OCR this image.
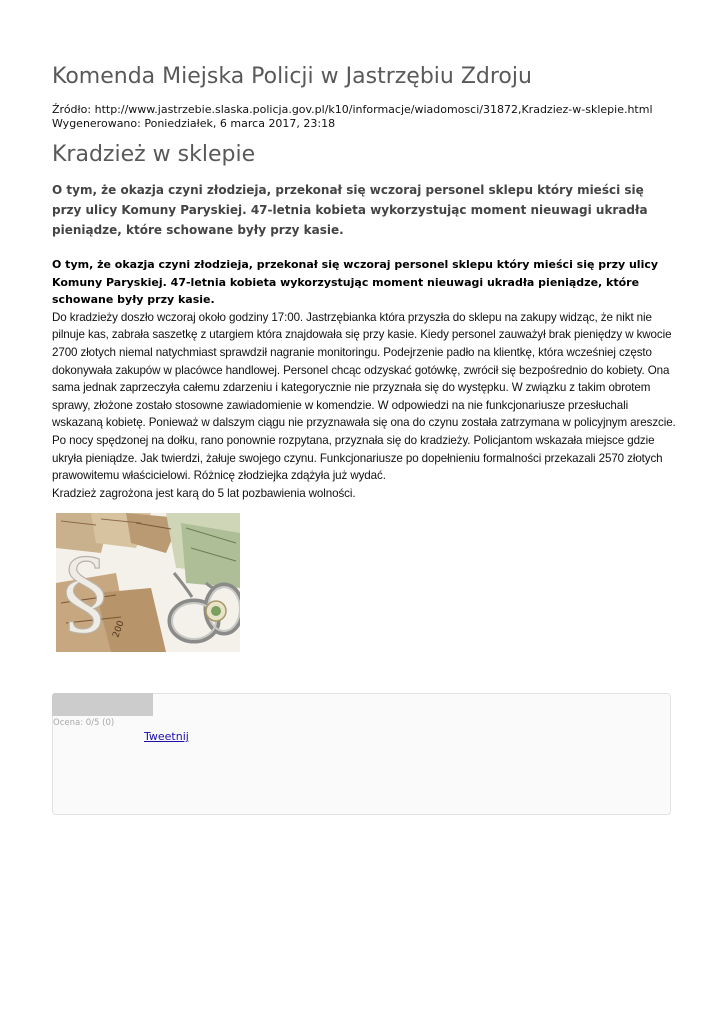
Komenda Miejska Policji w Jastrzębiu Zdroju
Źródło: http://www.jastrzebie.slaska.policja.gov.pl/k10/informacje/wiadomosci/31872,Kradziez-w-sklepie.html
Wygenerowano: Poniedziałek, 6 marca 2017, 23:18
Kradzież w sklepie

O tym, że okazja czyni złodzieja, przekonał się wczoraj personel sklepu który mieści się przy ulicy Komuny Paryskiej. 47-letnia kobieta wykorzystując moment nieuwagi ukradła pieniądze, które schowane były przy kasie.

O tym, że okazja czyni złodzieja, przekonał się wczoraj personel sklepu który mieści się przy ulicy Komuny Paryskiej. 47-letnia kobieta wykorzystując moment nieuwagi ukradła pieniądze, które schowane były przy kasie.

Do kradzieży doszło wczoraj około godziny 17:00. Jastrzębianka która przyszła do sklepu na zakupy widząc, że nikt nie pilnuje kas, zabrała saszetkę z utargiem która znajdowała się przy kasie. Kiedy personel zauważył brak pieniędzy w kwocie 2700 złotych niemal natychmiast sprawdził nagranie monitoringu. Podejrzenie padło na klientkę, która wcześniej często dokonywała zakupów w placówce handlowej. Personel chcąc odzyskać gotówkę, zwrócił się bezpośrednio do kobiety. Ona sama jednak zaprzeczyła całemu zdarzeniu i kategorycznie nie przyznała się do występku. W związku z takim obrotem sprawy, złożone zostało stosowne zawiadomienie w komendzie. W odpowiedzi na nie funkcjonariusze przesłuchali wskazaną kobietę. Ponieważ w dalszym ciągu nie przyznawała się ona do czynu została zatrzymana w policyjnym areszcie. Po nocy spędzonej na dołku, rano ponownie rozpytana, przyznała się do kradzieży. Policjantom wskazała miejsce gdzie ukryła pieniądze. Jak twierdzi, żałuje swojego czynu. Funkcjonariusze po dopełnieniu formalności przekazali 2570 złotych prawowitemu właścicielowi. Różnicę złodziejka zdążyła już wydać.

Kradzież zagrożona jest karą do 5 lat pozbawienia wolności.

200
§
Ocena: 0/5 (0)
Tweetnij
